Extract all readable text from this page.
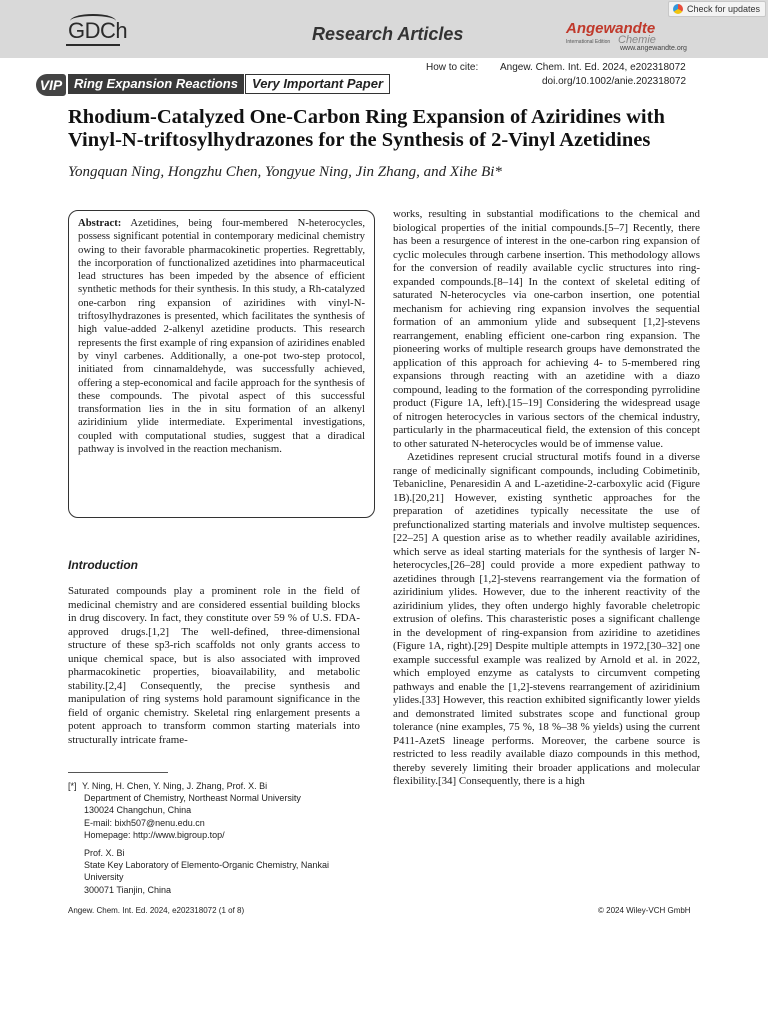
GDCh	Research Articles	Angewandte
International Edition Chemie
www.angewandte.org
Check for updates
VIP Ring Expansion Reactions	Very Important Paper
How to cite: Angew. Chem. Int. Ed. 2024, e202318072
doi.org/10.1002/anie.202318072
Rhodium-Catalyzed One-Carbon Ring Expansion of Aziridines with Vinyl-N-triftosylhydrazones for the Synthesis of 2-Vinyl Azetidines
Yongquan Ning, Hongzhu Chen, Yongyue Ning, Jin Zhang, and Xihe Bi*

Abstract: Azetidines, being four-membered N-heterocycles, possess significant potential in contemporary medicinal chemistry owing to their favorable pharmacokinetic properties. Regrettably, the incorporation of functionalized azetidines into pharmaceutical lead structures has been impeded by the absence of efficient synthetic methods for their synthesis. In this study, a Rh-catalyzed one-carbon ring expansion of aziridines with vinyl-N-triftosylhydrazones is presented, which facilitates the synthesis of high value-added 2-alkenyl azetidine products. This research represents the first example of ring expansion of aziridines enabled by vinyl carbenes. Additionally, a one-pot two-step protocol, initiated from cinnamaldehyde, was successfully achieved, offering a step-economical and facile approach for the synthesis of these compounds. The pivotal aspect of this successful transformation lies in the in situ formation of an alkenyl aziridinium ylide intermediate. Experimental investigations, coupled with computational studies, suggest that a diradical pathway is involved in the reaction mechanism.

Introduction

Saturated compounds play a prominent role in the field of medicinal chemistry and are considered essential building blocks in drug discovery. In fact, they constitute over 59 % of U.S. FDA-approved drugs.[1,2] The well-defined, three-dimensional structure of these sp3-rich scaffolds not only grants access to unique chemical space, but is also associated with improved pharmacokinetic properties, bioavailability, and metabolic stability.[2,4] Consequently, the precise synthesis and manipulation of ring systems hold paramount significance in the field of organic chemistry. Skeletal ring enlargement presents a potent approach to transform common starting materials into structurally intricate frame-

works, resulting in substantial modifications to the chemical and biological properties of the initial compounds.[5–7] Recently, there has been a resurgence of interest in the one-carbon ring expansion of cyclic molecules through carbene insertion. This methodology allows for the conversion of readily available cyclic structures into ring-expanded compounds.[8–14] In the context of skeletal editing of saturated N-heterocycles via one-carbon insertion, one potential mechanism for achieving ring expansion involves the sequential formation of an ammonium ylide and subsequent [1,2]-stevens rearrangement, enabling efficient one-carbon ring expansion. The pioneering works of multiple research groups have demonstrated the application of this approach for achieving 4- to 5-membered ring expansions through reacting with an azetidine with a diazo compound, leading to the formation of the corresponding pyrrolidine product (Figure 1A, left).[15–19] Considering the widespread usage of nitrogen heterocycles in various sectors of the chemical industry, particularly in the pharmaceutical field, the extension of this concept to other saturated N-heterocycles would be of immense value.

Azetidines represent crucial structural motifs found in a diverse range of medicinally significant compounds, including Cobimetinib, Tebanicline, Penaresidin A and L-azetidine-2-carboxylic acid (Figure 1B).[20,21] However, existing synthetic approaches for the preparation of azetidines typically necessitate the use of prefunctionalized starting materials and involve multistep sequences.[22–25] A question arise as to whether readily available aziridines, which serve as ideal starting materials for the synthesis of larger N-heterocycles,[26–28] could provide a more expedient pathway to azetidines through [1,2]-stevens rearrangement via the formation of aziridinium ylides. However, due to the inherent reactivity of the aziridinium ylides, they often undergo highly favorable cheletropic extrusion of olefins. This charasteristic poses a significant challenge in the development of ring-expansion from aziridine to azetidines (Figure 1A, right).[29] Despite multiple attempts in 1972,[30–32] one example successful example was realized by Arnold et al. in 2022, which employed enzyme as catalysts to circumvent competing pathways and enable the [1,2]-stevens rearrangement of aziridinium ylides.[33] However, this reaction exhibited significantly lower yields and demonstrated limited substrates scope and functional group tolerance (nine examples, 75 %, 18 %–38 % yields) using the current P411-AzetS lineage performs. Moreover, the carbene source is restricted to less readily available diazo compounds in this method, thereby severely limiting their broader applications and molecular flexibility.[34] Consequently, there is a high

[*] Y. Ning, H. Chen, Y. Ning, J. Zhang, Prof. X. Bi
Department of Chemistry, Northeast Normal University
130024 Changchun, China
E-mail: bixh507@nenu.edu.cn
Homepage: http://www.bigroup.top/
Prof. X. Bi
State Key Laboratory of Elemento-Organic Chemistry, Nankai
University
300071 Tianjin, China
Angew. Chem. Int. Ed. 2024, e202318072 (1 of 8)	© 2024 Wiley-VCH GmbH
